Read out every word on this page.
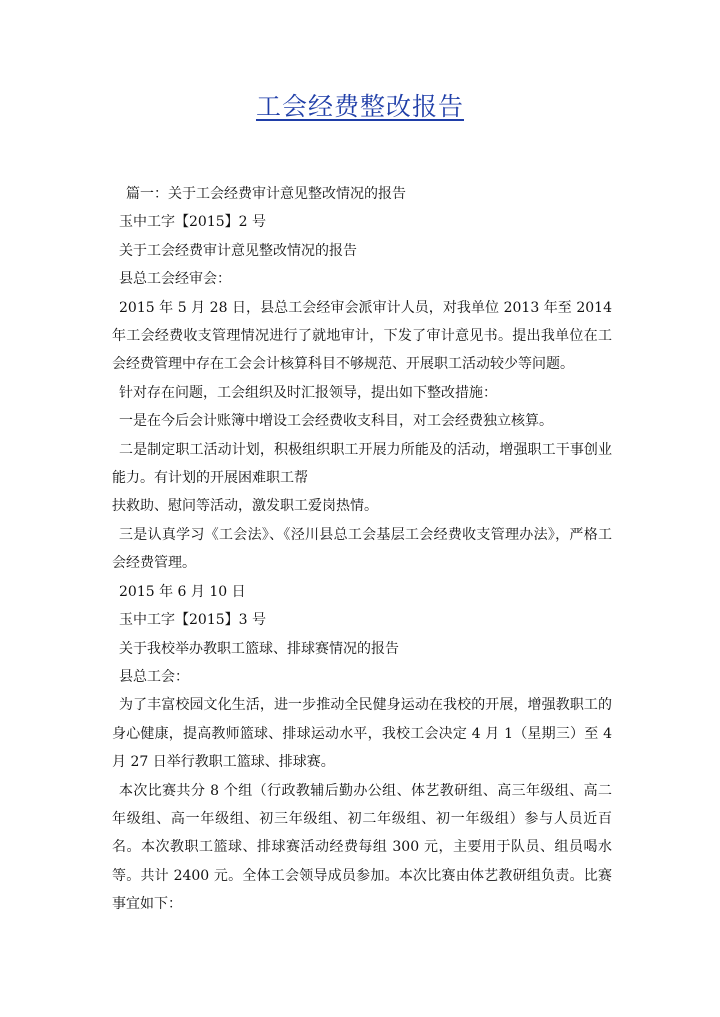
工会经费整改报告

篇一：关于工会经费审计意见整改情况的报告

玉中工字【2015】2 号

关于工会经费审计意见整改情况的报告

县总工会经审会：

2015 年 5 月 28 日，县总工会经审会派审计人员，对我单位 2013 年至 2014 年工会经费收支管理情况进行了就地审计，下发了审计意见书。提出我单位在工会经费管理中存在工会会计核算科目不够规范、开展职工活动较少等问题。

针对存在问题，工会组织及时汇报领导，提出如下整改措施：

一是在今后会计账簿中增设工会经费收支科目，对工会经费独立核算。

二是制定职工活动计划，积极组织职工开展力所能及的活动，增强职工干事创业能力。有计划的开展困难职工帮

扶救助、慰问等活动，激发职工爱岗热情。

三是认真学习《工会法》、《泾川县总工会基层工会经费收支管理办法》，严格工会经费管理。

2015 年 6 月 10 日

玉中工字【2015】3 号

关于我校举办教职工篮球、排球赛情况的报告

县总工会：

为了丰富校园文化生活，进一步推动全民健身运动在我校的开展，增强教职工的身心健康，提高教师篮球、排球运动水平，我校工会决定 4 月 1（星期三）至 4 月 27 日举行教职工篮球、排球赛。

本次比赛共分 8 个组（行政教辅后勤办公组、体艺教研组、高三年级组、高二年级组、高一年级组、初三年级组、初二年级组、初一年级组）参与人员近百名。本次教职工篮球、排球赛活动经费每组 300 元，主要用于队员、组员喝水等。共计 2400 元。全体工会领导成员参加。本次比赛由体艺教研组负责。比赛事宜如下：
